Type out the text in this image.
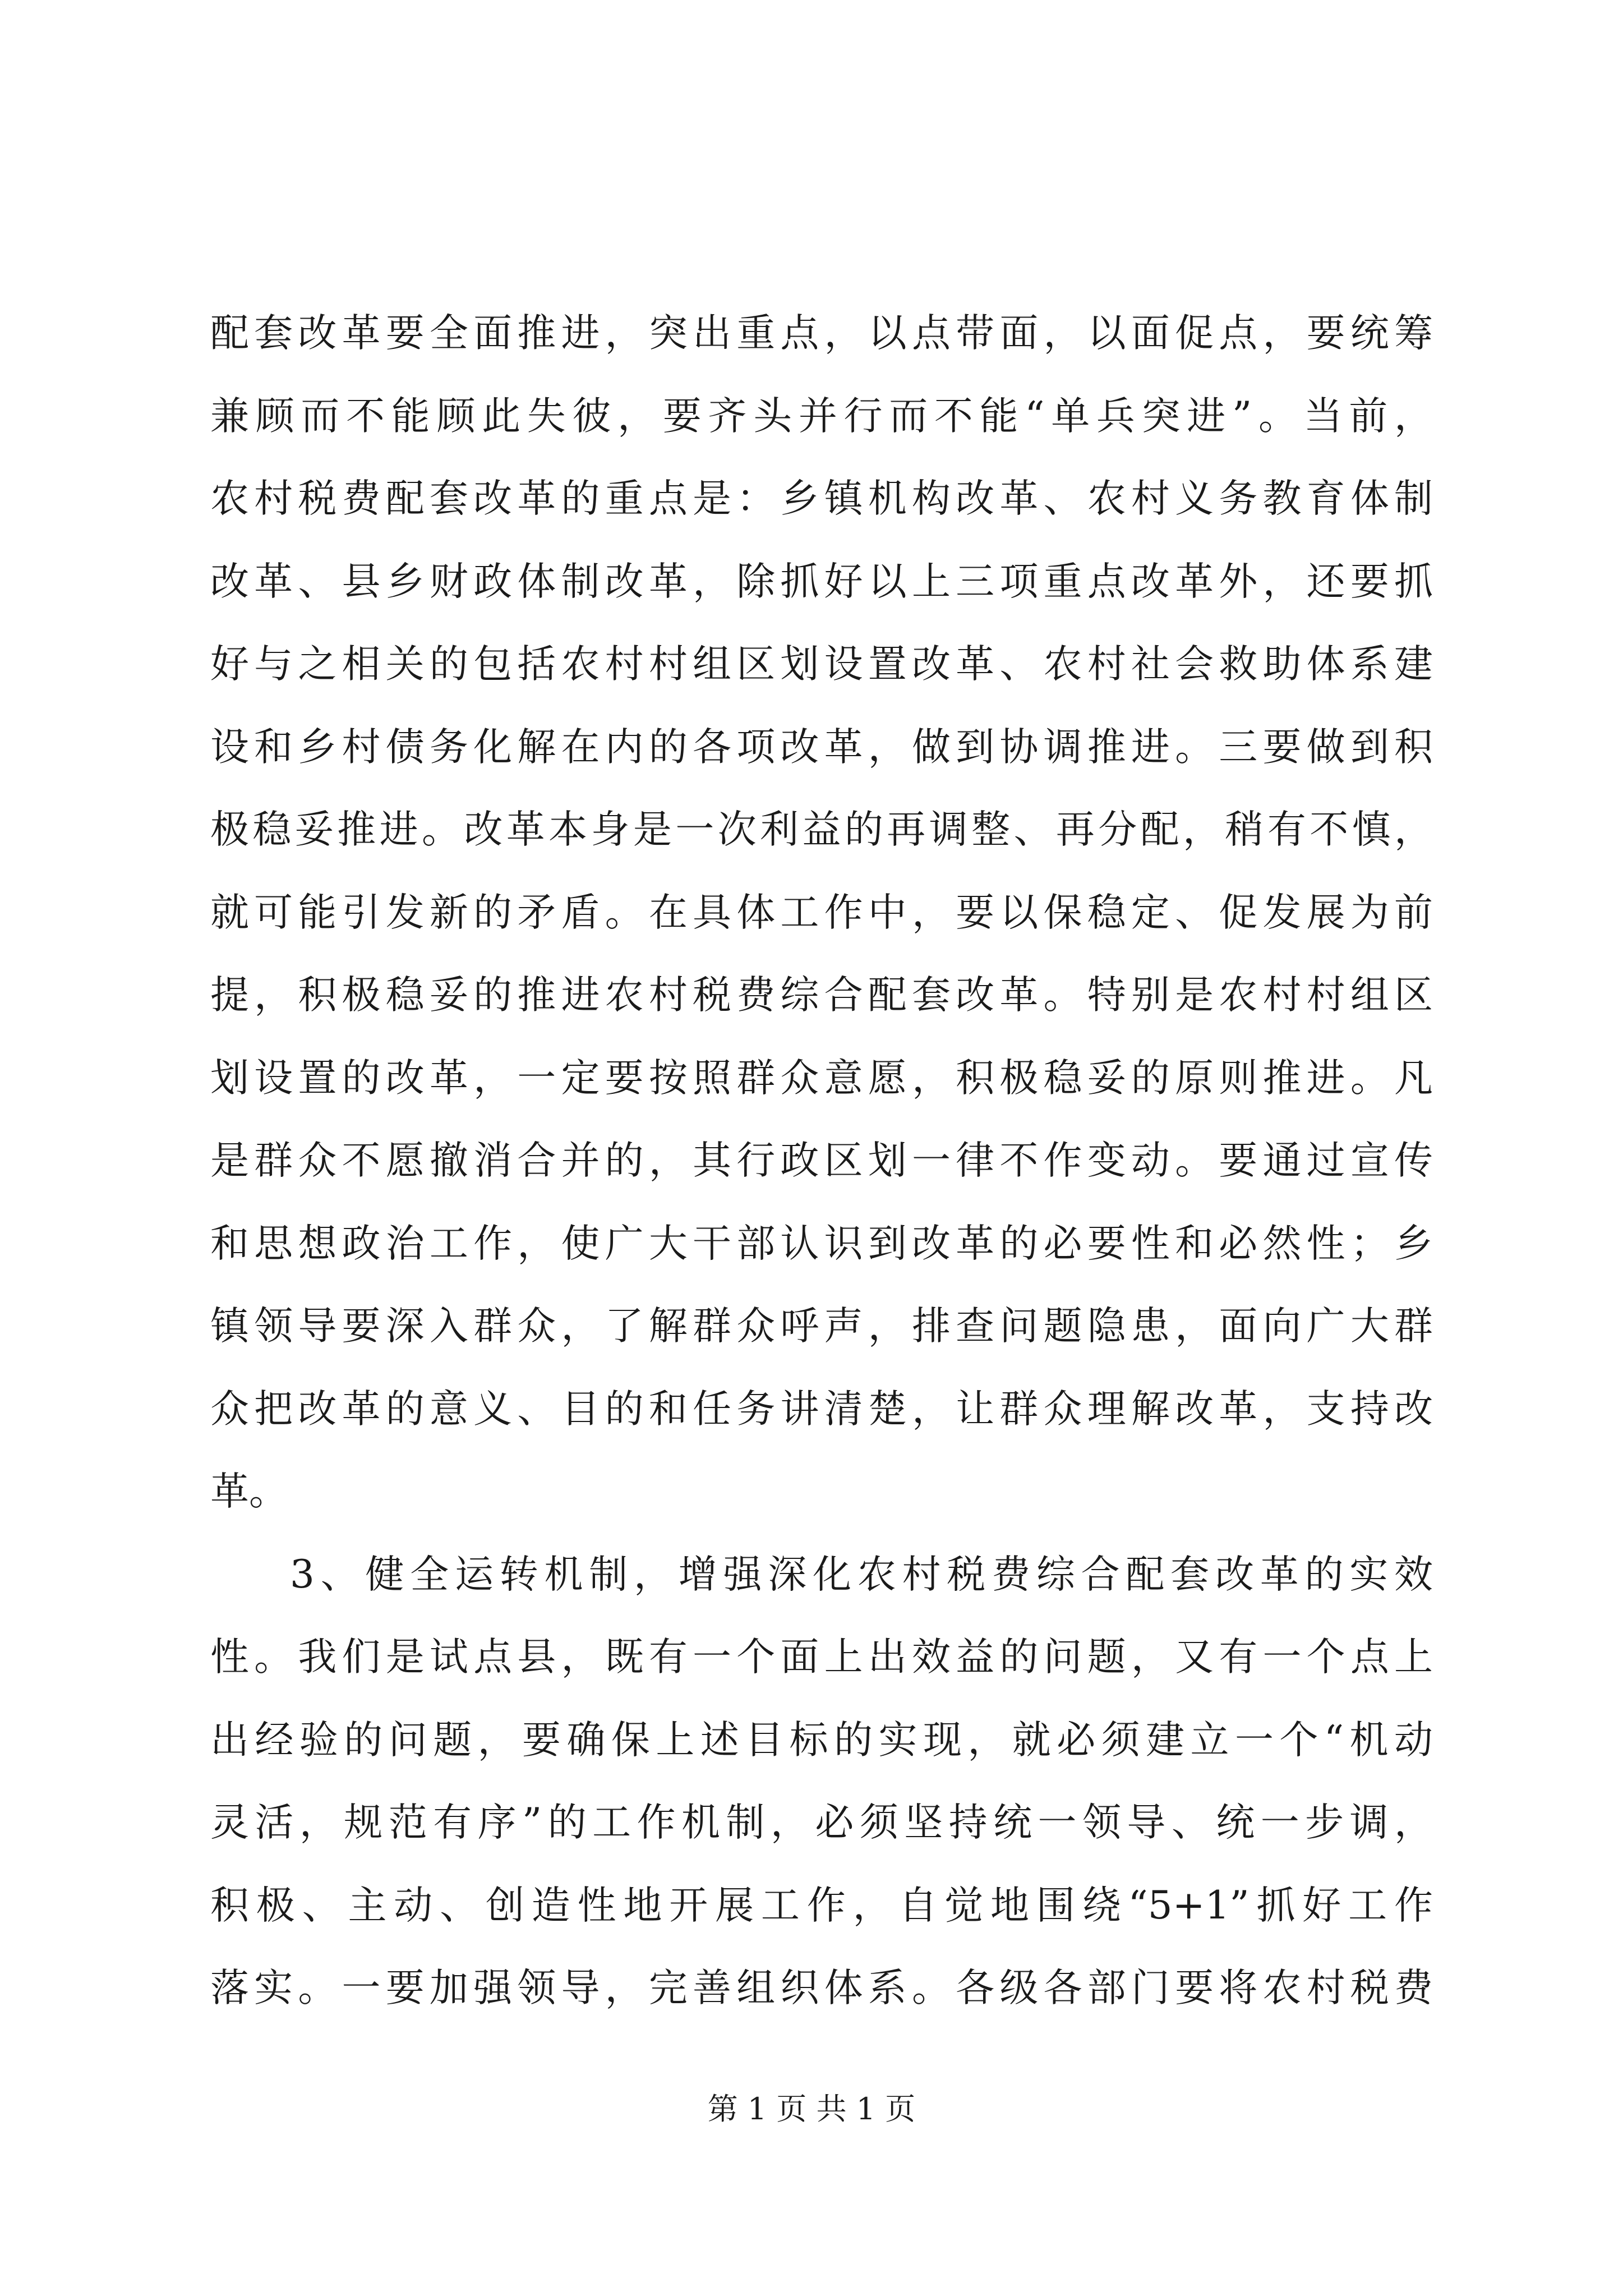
配套改革要全面推进，突出重点，以点带面，以面促点，要统筹
兼顾而不能顾此失彼，要齐头并行而不能“单兵突进”。当前，
农村税费配套改革的重点是：乡镇机构改革、农村义务教育体制
改革、县乡财政体制改革，除抓好以上三项重点改革外，还要抓
好与之相关的包括农村村组区划设置改革、农村社会救助体系建
设和乡村债务化解在内的各项改革，做到协调推进。三要做到积
极稳妥推进。改革本身是一次利益的再调整、再分配，稍有不慎，
就可能引发新的矛盾。在具体工作中，要以保稳定、促发展为前
提，积极稳妥的推进农村税费综合配套改革。特别是农村村组区
划设置的改革，一定要按照群众意愿，积极稳妥的原则推进。凡
是群众不愿撤消合并的，其行政区划一律不作变动。要通过宣传
和思想政治工作，使广大干部认识到改革的必要性和必然性；乡
镇领导要深入群众，了解群众呼声，排查问题隐患，面向广大群
众把改革的意义、目的和任务讲清楚，让群众理解改革，支持改
革。
3、健全运转机制，增强深化农村税费综合配套改革的实效
性。我们是试点县，既有一个面上出效益的问题，又有一个点上
出经验的问题，要确保上述目标的实现，就必须建立一个“机动
灵活，规范有序”的工作机制，必须坚持统一领导、统一步调，
积极、主动、创造性地开展工作，自觉地围绕“5+1”抓好工作
落实。一要加强领导，完善组织体系。各级各部门要将农村税费
第 1 页 共 1 页
